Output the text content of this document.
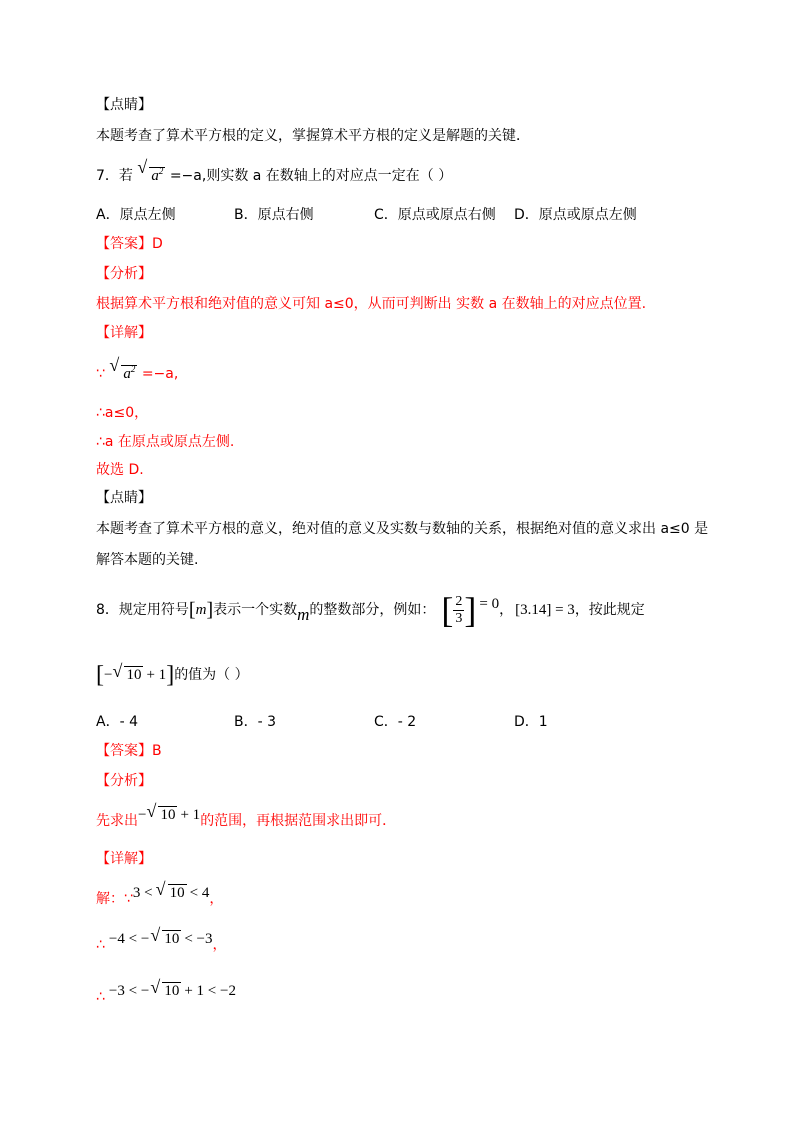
【点睛】
本题考查了算术平方根的定义，掌握算术平方根的定义是解题的关键．
7．若 √ $a^2 =-a$,则实数 a 在数轴上的对应点一定在（ ）
A．原点左侧	B．原点右侧	C．原点或原点右侧 D．原点或原点左侧
【答案】D
【分析】
根据算术平方根和绝对值的意义可知 a≤0，从而可判断出 实数 a 在数轴上的对应点位置.
【详解】
∵ √ $a^2 =-a$,
∴a≤0，
∴a 在原点或原点左侧.
故选 D.
【点睛】
本题考查了算术平方根的意义，绝对值的意义及实数与数轴的关系，根据绝对值的意义求出 a≤0 是
解答本题的关键.
8．规定用符号 [ m ] 表示一个实数 m 的整数部分，例如： [ $\frac{2}{3}$ ] = 0 ， [3.14] = 3 ，按此规定
[ − √ 10 + 1 ] 的值为（ ）
A．- 4	B．- 3	C．- 2	D．1
【答案】B
【分析】
先求出 − √ 10 + 1 的范围，再根据范围求出即可．
【详解】
解：∵ 3 < √ 10 < 4 ，
∴ −4 < − √ 10 < −3 ，
∴ −3 < − √ 10 + 1 < −2
